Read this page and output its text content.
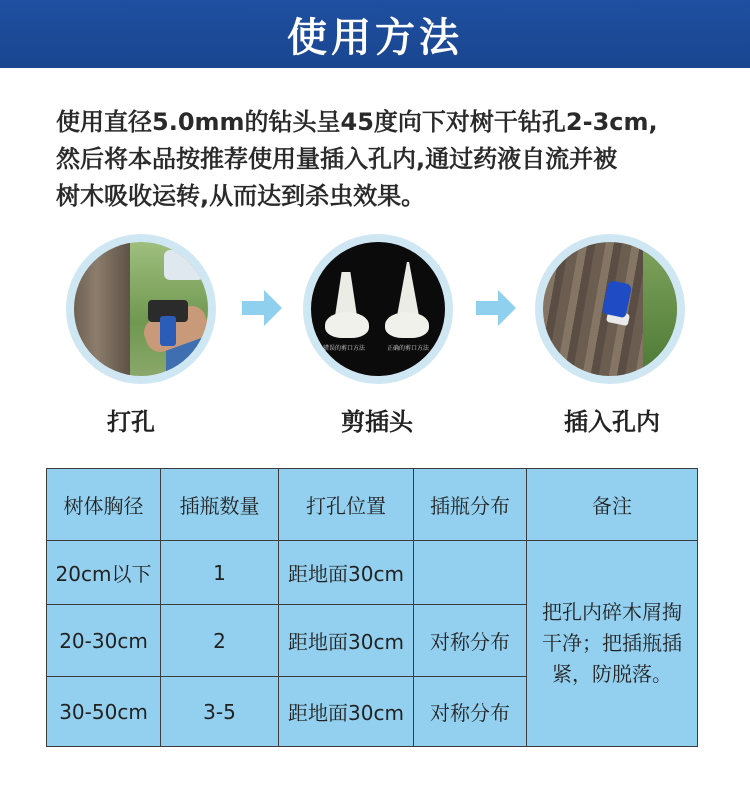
使用方法
使用直径5.0mm的钻头呈45度向下对树干钻孔2-3cm,
然后将本品按推荐使用量插入孔内,通过药液自流并被
树木吸收运转,从而达到杀虫效果。
错误的剪口方法	正确的剪口方法
打孔	剪插头	插入孔内
树体胸径	插瓶数量	打孔位置	插瓶分布	备注
20cm以下	1	距地面30cm		把孔内碎木屑掏干净；把插瓶插紧，防脱落。
20-30cm	2	距地面30cm	对称分布	
30-50cm	3-5	距地面30cm	对称分布	
